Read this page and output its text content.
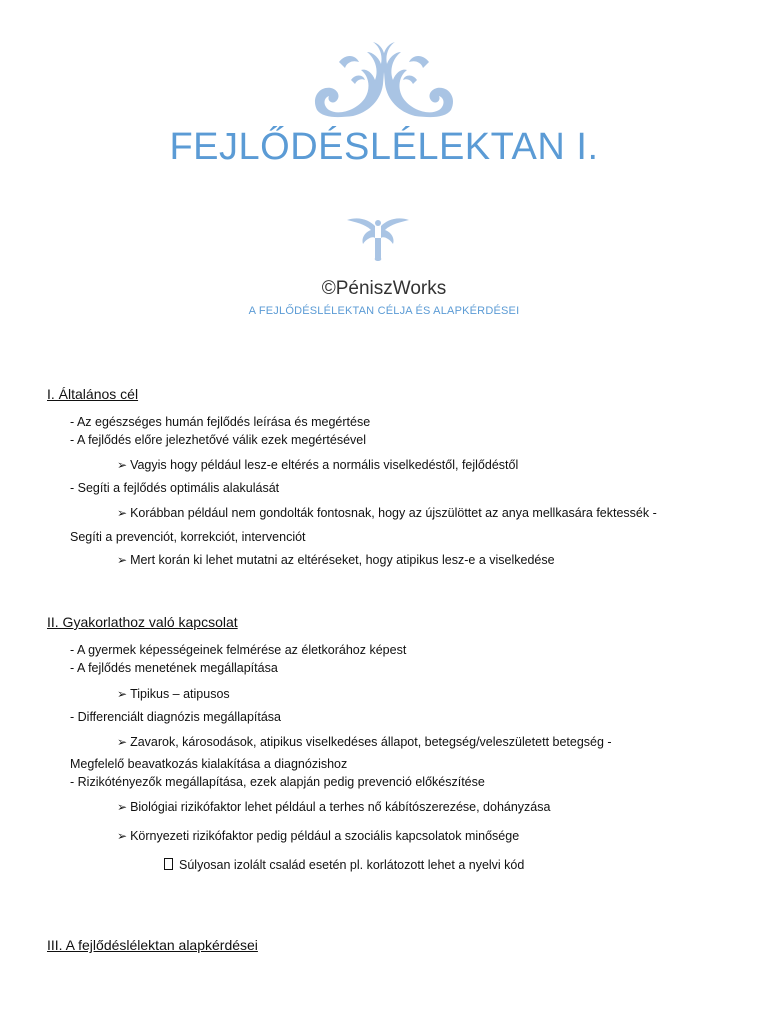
FEJLŐDÉSLÉLEKTAN I.
©PéniszWorks
A FEJLŐDÉSLÉLEKTAN CÉLJA ÉS ALAPKÉRDÉSEI
I. Általános cél
- Az egészséges humán fejlődés leírása és megértése
- A fejlődés előre jelezhetővé válik ezek megértésével
➢ Vagyis hogy például lesz-e eltérés a normális viselkedéstől, fejlődéstől
- Segíti a fejlődés optimális alakulását
➢ Korábban például nem gondolták fontosnak, hogy az újszülöttet az anya mellkasára fektessék -
Segíti a prevenciót, korrekciót, intervenciót
➢ Mert korán ki lehet mutatni az eltéréseket, hogy atipikus lesz-e a viselkedése
II. Gyakorlathoz való kapcsolat
- A gyermek képességeinek felmérése az életkorához képest
- A fejlődés menetének megállapítása
➢ Tipikus – atipusos
- Differenciált diagnózis megállapítása
➢ Zavarok, károsodások, atipikus viselkedéses állapot, betegség/veleszületett betegség -
Megfelelő beavatkozás kialakítása a diagnózishoz
- Rizikótényezők megállapítása, ezek alapján pedig prevenció előkészítése
➢ Biológiai rizikófaktor lehet például a terhes nő kábítószerezése, dohányzása
➢ Környezeti rizikófaktor pedig például a szociális kapcsolatok minősége
Súlyosan izolált család esetén pl. korlátozott lehet a nyelvi kód
III. A fejlődéslélektan alapkérdései
